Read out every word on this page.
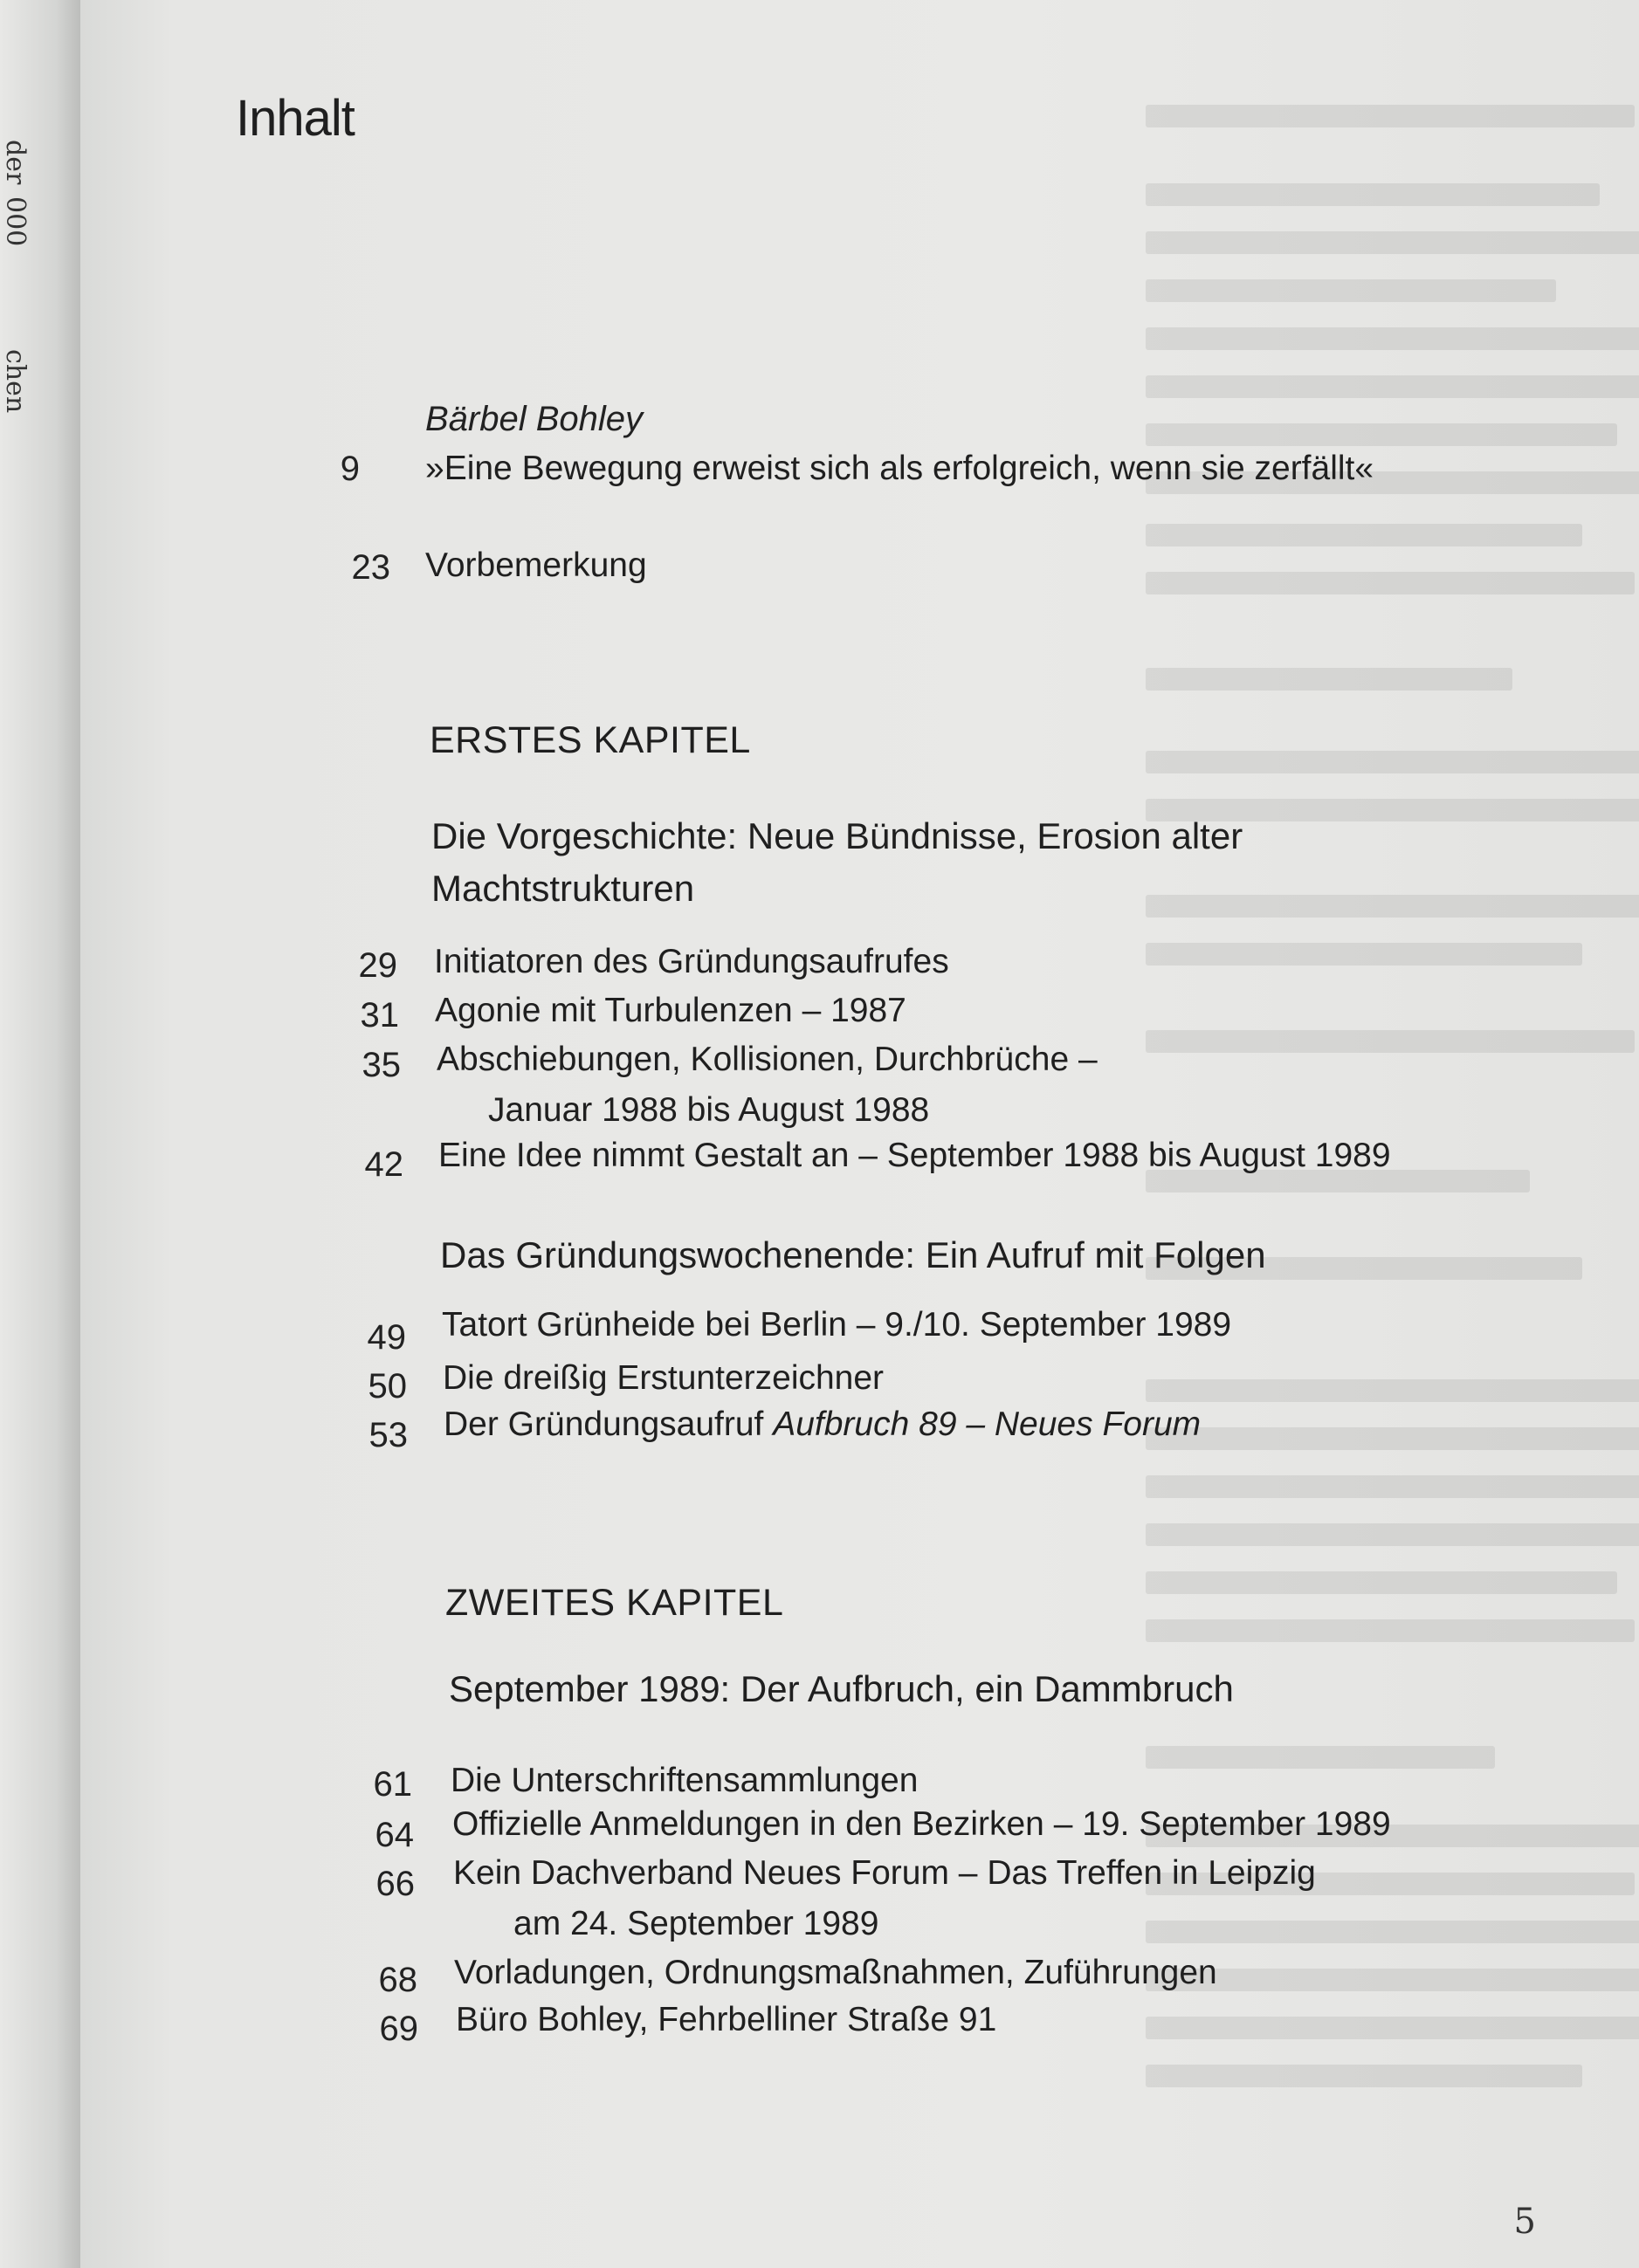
der
000
chen
Inhalt
Bärbel Bohley
9 »Eine Bewegung erweist sich als erfolgreich, wenn sie zerfällt«
23 Vorbemerkung
ERSTES KAPITEL
Die Vorgeschichte: Neue Bündnisse, Erosion alter Machtstrukturen
29 Initiatoren des Gründungsaufrufes
31 Agonie mit Turbulenzen – 1987
35 Abschiebungen, Kollisionen, Durchbrüche –
Januar 1988 bis August 1988
42 Eine Idee nimmt Gestalt an – September 1988 bis August 1989
Das Gründungswochenende: Ein Aufruf mit Folgen
49 Tatort Grünheide bei Berlin – 9./10. September 1989
50 Die dreißig Erstunterzeichner
53 Der Gründungsaufruf Aufbruch 89 – Neues Forum
ZWEITES KAPITEL
September 1989: Der Aufbruch, ein Dammbruch
61 Die Unterschriftensammlungen
64 Offizielle Anmeldungen in den Bezirken – 19. September 1989
66 Kein Dachverband Neues Forum – Das Treffen in Leipzig
am 24. September 1989
68 Vorladungen, Ordnungsmaßnahmen, Zuführungen
69 Büro Bohley, Fehrbelliner Straße 91
5
